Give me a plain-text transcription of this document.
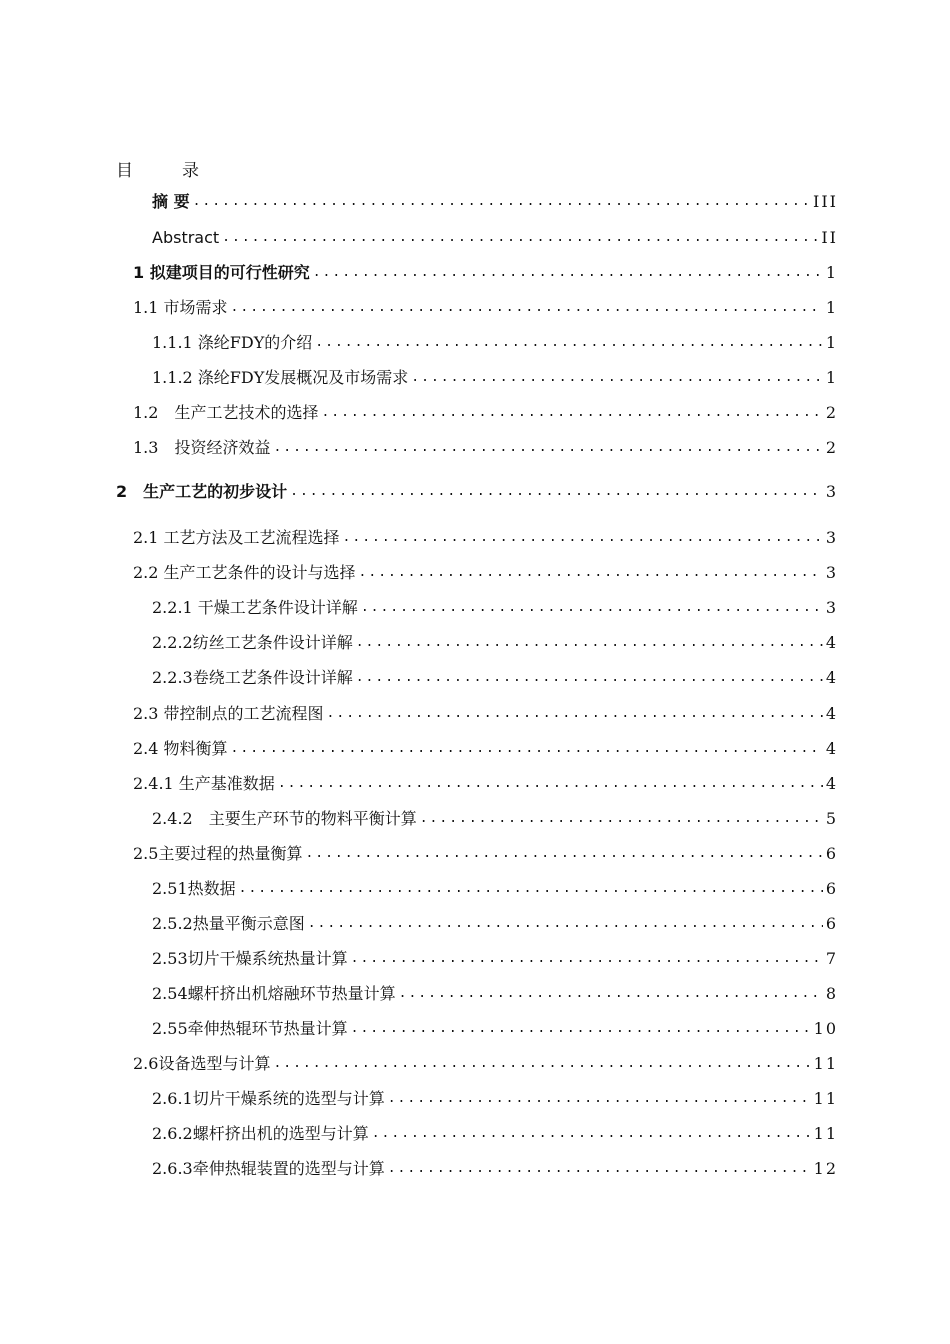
目　录
摘 要 .....	III
Abstract .....	II
1 拟建项目的可行性研究 .....	1
1.1 市场需求 .....	1
1.1.1 涤纶FDY的介绍 .....	1
1.1.2 涤纶FDY发展概况及市场需求 .....	1
1.2　生产工艺技术的选择 .....	2
1.3　投资经济效益 .....	2
2　生产工艺的初步设计 .....	3
2.1 工艺方法及工艺流程选择 .....	3
2.2 生产工艺条件的设计与选择 .....	3
2.2.1 干燥工艺条件设计详解 .....	3
2.2.2纺丝工艺条件设计详解 .....	4
2.2.3卷绕工艺条件设计详解 .....	4
2.3 带控制点的工艺流程图 .....	4
2.4 物料衡算 .....	4
2.4.1 生产基准数据 .....	4
2.4.2　主要生产环节的物料平衡计算 .....	5
2.5主要过程的热量衡算 .....	6
2.51热数据 .....	6
2.5.2热量平衡示意图 .....	6
2.53切片干燥系统热量计算 .....	7
2.54螺杆挤出机熔融环节热量计算 .....	8
2.55牵伸热辊环节热量计算 .....	10
2.6设备选型与计算 .....	11
2.6.1切片干燥系统的选型与计算 .....	11
2.6.2螺杆挤出机的选型与计算 .....	11
2.6.3牵伸热辊装置的选型与计算 .....	12
